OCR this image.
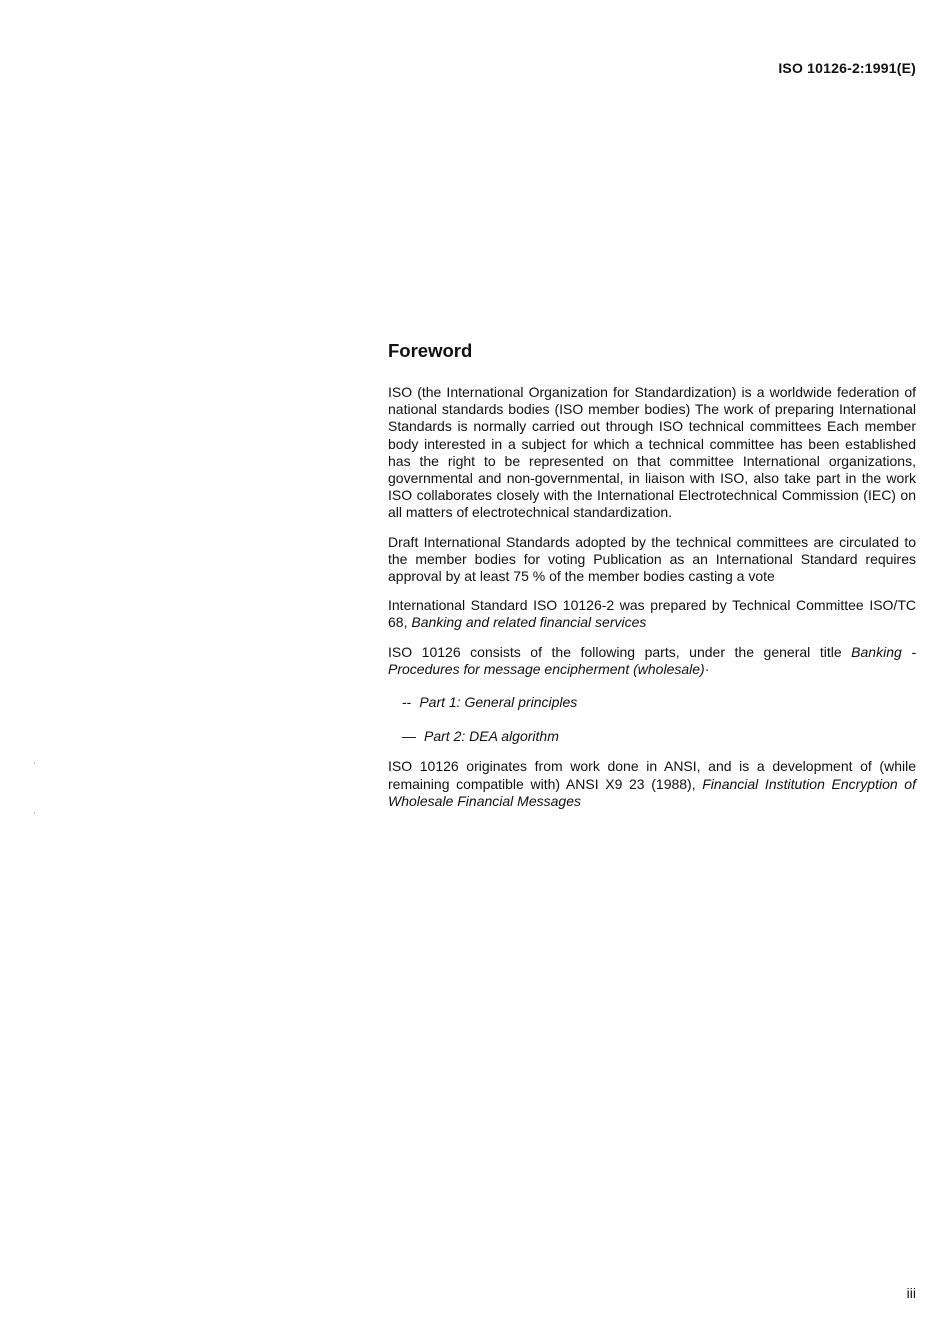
ISO 10126-2:1991(E)
Foreword

ISO (the International Organization for Standardization) is a worldwide federation of national standards bodies (ISO member bodies) The work of preparing International Standards is normally carried out through ISO technical committees Each member body interested in a subject for which a technical committee has been established has the right to be represented on that committee International organizations, governmental and non-governmental, in liaison with ISO, also take part in the work ISO collaborates closely with the International Electrotechnical Commission (IEC) on all matters of electrotechnical standardization.

Draft International Standards adopted by the technical committees are circulated to the member bodies for voting Publication as an International Standard requires approval by at least 75 % of the member bodies casting a vote

International Standard ISO 10126-2 was prepared by Technical Committee ISO/TC 68, Banking and related financial services

ISO 10126 consists of the following parts, under the general title Banking - Procedures for message encipherment (wholesale)·

-- Part 1: General principles
— Part 2: DEA algorithm

ISO 10126 originates from work done in ANSI, and is a development of (while remaining compatible with) ANSI X9 23 (1988), Financial Institution Encryption of Wholesale Financial Messages

iii
